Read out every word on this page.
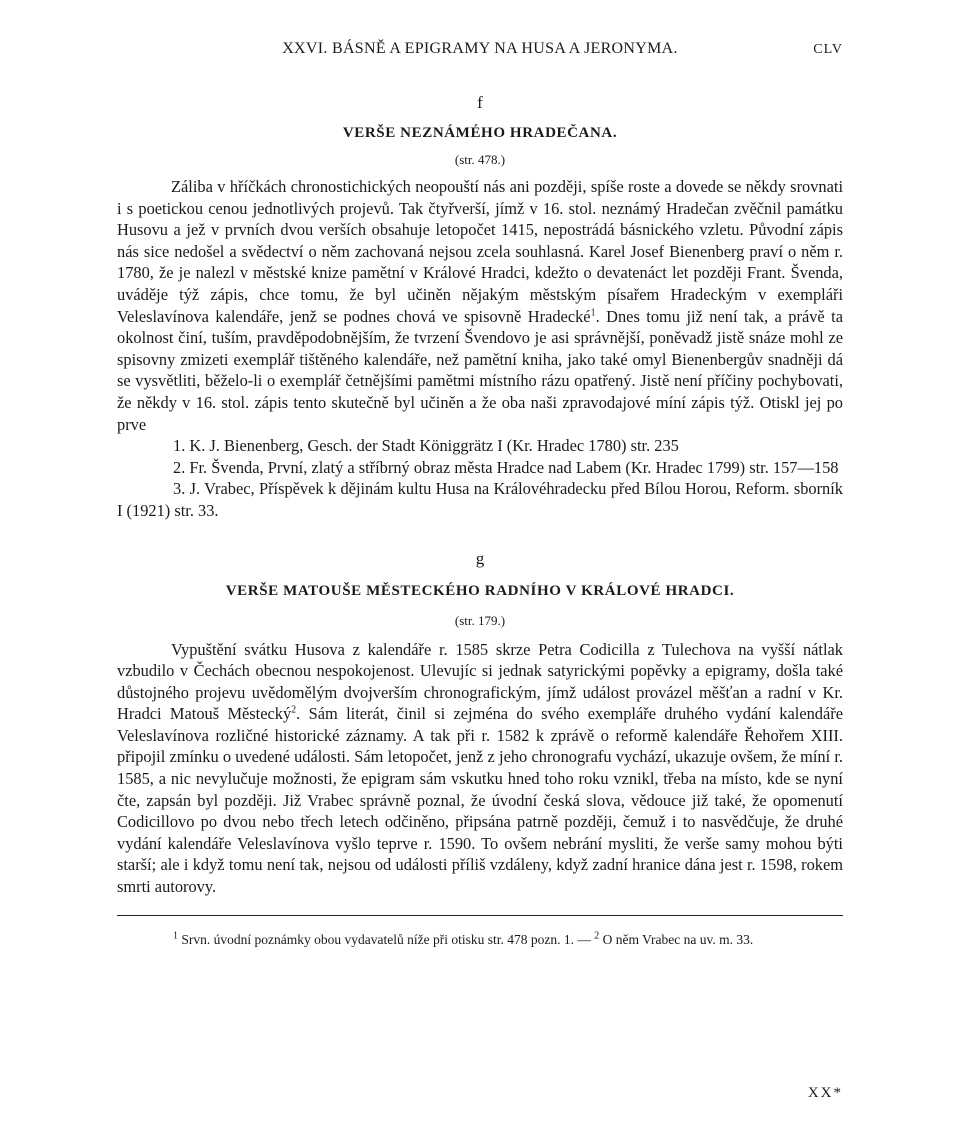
XXVI. BÁSNĚ A EPIGRAMY NA HUSA A JERONYMA.	CLV
f
VERŠE NEZNÁMÉHO HRADEČANA.
(str. 478.)

Záliba v hříčkách chronostichických neopouští nás ani později, spíše roste a dovede se někdy srovnati i s poetickou cenou jednotlivých projevů. Tak čtyřverší, jímž v 16. stol. neznámý Hradečan zvěčnil památku Husovu a jež v prvních dvou verších obsahuje letopočet 1415, nepostrádá básnického vzletu. Původní zápis nás sice nedošel a svědectví o něm zachovaná nejsou zcela souhlasná. Karel Josef Bienenberg praví o něm r. 1780, že je nalezl v městské knize pamětní v Králové Hradci, kdežto o devatenáct let později Frant. Švenda, uváděje týž zápis, chce tomu, že byl učiněn nějakým městským písařem Hradeckým v exempláři Veleslavínova kalendáře, jenž se podnes chová ve spisovně Hradecké$^1$. Dnes tomu již není tak, a právě ta okolnost činí, tuším, pravděpodobnějším, že tvrzení Švendovo je asi správnější, poněvadž jistě snáze mohl ze spisovny zmizeti exemplář tištěného kalendáře, než pamětní kniha, jako také omyl Bienenbergův snadněji dá se vysvětliti, běželo-li o exemplář četnějšími pamětmi místního rázu opatřený. Jistě není příčiny pochybovati, že někdy v 16. stol. zápis tento skutečně byl učiněn a že oba naši zpravodajové míní zápis týž. Otiskl jej po prve

1. K. J. Bienenberg, Gesch. der Stadt Königgrätz I (Kr. Hradec 1780) str. 235
2. Fr. Švenda, První, zlatý a stříbrný obraz města Hradce nad Labem (Kr. Hradec 1799) str. 157—158
3. J. Vrabec, Příspěvek k dějinám kultu Husa na Královéhradecku před Bílou Horou, Reform. sborník I (1921) str. 33.
g
VERŠE MATOUŠE MĚSTECKÉHO RADNÍHO V KRÁLOVÉ HRADCI.
(str. 179.)

Vypuštění svátku Husova z kalendáře r. 1585 skrze Petra Codicilla z Tulechova na vyšší nátlak vzbudilo v Čechách obecnou nespokojenost. Ulevujíc si jednak satyrickými popěvky a epigramy, došla také důstojného projevu uvědomělým dvojverším chronografickým, jímž událost provázel měšťan a radní v Kr. Hradci Matouš Městecký$^2$. Sám literát, činil si zejména do svého exempláře druhého vydání kalendáře Veleslavínova rozličné historické záznamy. A tak při r. 1582 k zprávě o reformě kalendáře Řehořem XIII. připojil zmínku o uvedené události. Sám letopočet, jenž z jeho chronografu vychází, ukazuje ovšem, že míní r. 1585, a nic nevylučuje možnosti, že epigram sám vskutku hned toho roku vznikl, třeba na místo, kde se nyní čte, zapsán byl později. Již Vrabec správně poznal, že úvodní česká slova, vědouce již také, že opomenutí Codicillovo po dvou nebo třech letech odčiněno, připsána patrně později, čemuž i to nasvědčuje, že druhé vydání kalendáře Veleslavínova vyšlo teprve r. 1590. To ovšem nebrání mysliti, že verše samy mohou býti starší; ale i když tomu není tak, nejsou od události příliš vzdáleny, když zadní hranice dána jest r. 1598, rokem smrti autorovy.

$^1$ Srvn. úvodní poznámky obou vydavatelů níže při otisku str. 478 pozn. 1. — $^2$ O něm Vrabec na uv. m. 33.
XX*
